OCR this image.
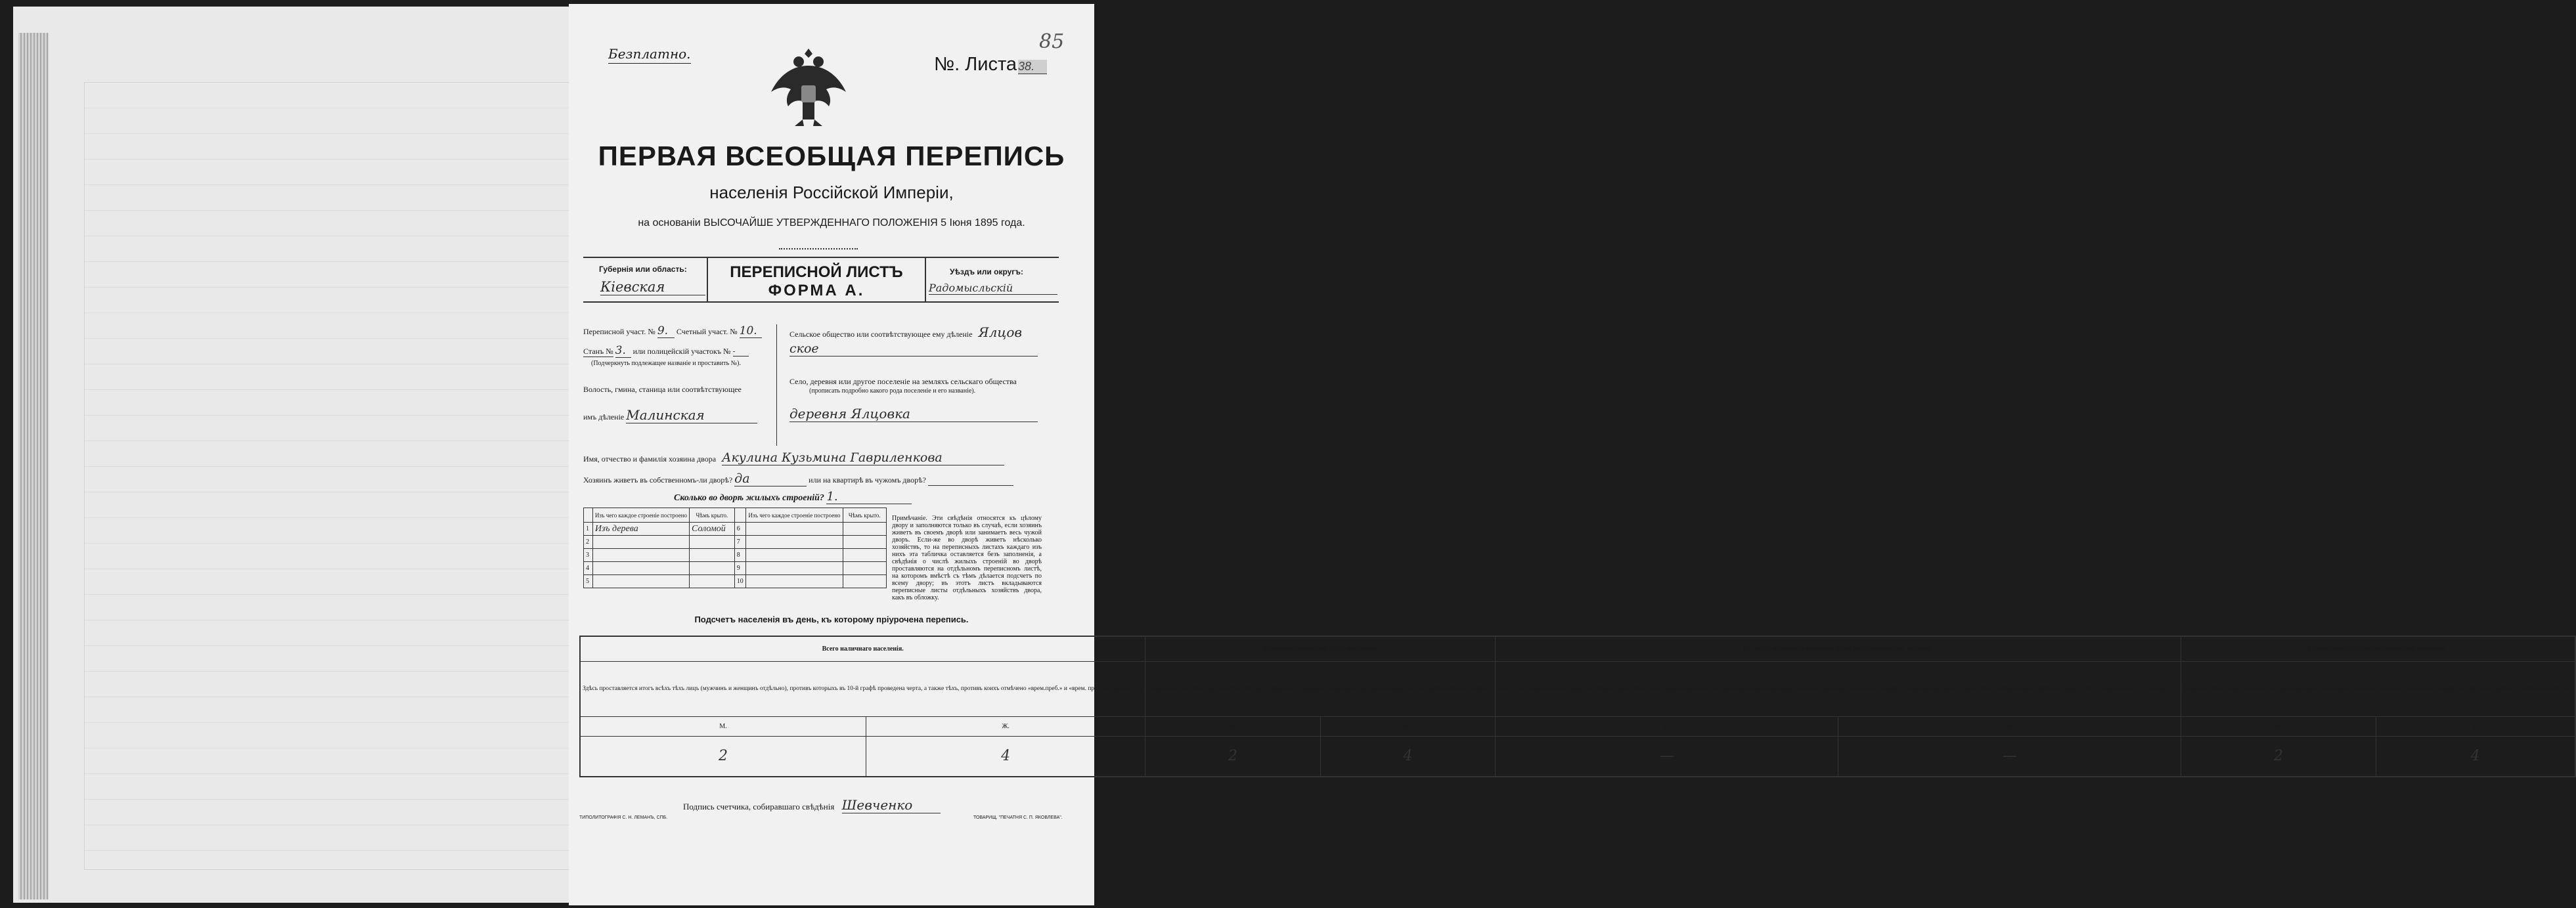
Безплатно.	№. Листа 38.
85
ПЕРВАЯ ВСЕОБЩАЯ ПЕРЕПИСЬ
населенія Россійской Имперіи,
на основаніи ВЫСОЧАЙШЕ УТВЕРЖДЕННАГО ПОЛОЖЕНІЯ 5 Іюня 1895 года.
Губернія или область:
Кіевская
ПЕРЕПИСНОЙ ЛИСТЪ
ФОРМА А.
Уѣздъ или округъ:
Радомысльскій
Переписной участ. № 9. Счетный участ. № 10.
Станъ № 3. или полицейскій участокъ № -
(Подчеркнуть подлежащее названіе и проставить №).
Волость, гмина, станица или соотвѣтствующее
имъ дѣленіе Малинская
Сельское общество или соотвѣтствующее ему дѣленіе Ялцов
ское
Село, деревня или другое поселеніе на земляхъ сельскаго общества
(прописать подробно какого рода поселеніе и его названіе).
деревня Ялцовка
Имя, отчество и фамилія хозяина двора Акулина Кузьмина Гавриленкова
Хозяинъ живетъ въ собственномъ-ли дворѣ? да	или на квартирѣ въ чужомъ дворѣ?
Сколько во дворѣ жилыхъ строеній? 1.
	Изъ чего каждое строеніе построено	Чѣмъ крыто.		Изъ чего каждое строеніе построено	Чѣмъ крыто.
1	Изъ дерева	Соломой	6		
2			7		
3			8		
4			9		
5			10		
Примѣчаніе. Эти свѣдѣнія относятся къ цѣлому двору и заполняются только въ случаѣ, если хозяинъ живетъ въ своемъ дворѣ или занимаетъ весь чужой дворъ. Если-же во дворѣ живетъ нѣсколько хозяйствъ, то на переписныхъ листахъ каждаго изъ нихъ эта табличка оставляется безъ заполненія, а свѣдѣнія о числѣ жилыхъ строеній во дворѣ проставляются на отдѣльномъ переписномъ листѣ, на которомъ вмѣстѣ съ тѣмъ дѣлается подсчетъ по всему двору; въ этотъ листъ вкладываются переписные листы отдѣльныхъ хозяйствъ двора, какъ въ обложку.
Подсчетъ населенія въ день, къ которому пріурочена перепись.
Всего наличнаго населенія.		Постоянно живущаго здѣсь населенія.		Въ числѣ наличнаго населенія было лицъ некрестьян. сословій.		Приписаннаго здѣсь крестьянскаго населенія.	
Здѣсь проставляется итогъ всѣхъ тѣхъ лицъ (мужчинъ и женщинъ отдѣльно), противъ которыхъ въ 10-й графѣ проведена черта, а также тѣхъ, противъ коихъ отмѣчено «врем.преб.» и «врем. преб. со знакомъ V».		Сюда вносится общее число всѣхъ тѣхъ лицъ (мужчинъ и женщинъ отдѣльно), противъ которыхъ въ 9-й графѣ отмѣчено «здѣсь».		Здѣсь проставляется (изъ графы 6-й) общее число всѣхъ лицъ некрестьянскихъ сословій (мужчинъ и женщинъ отдѣльно), противъ которыхъ въ графѣ 10-й проведена черта, а также тѣхъ, противъ коихъ отмѣчено «врем. преб.» и «врем. преб. со знакомъ V».		Сюда вносится общее число всѣхъ лицъ (мужчинъ и женщинъ отдѣльно), противъ которыхъ въ графѣ 8-й отмѣчено «здѣсь» и «здѣсь въ волости».	
М.	Ж.	М.	Ж.	М.	Ж.	М.	Ж.
2	4	2	4	—	—	2	4
Подпись счетчика, собиравшаго свѣдѣнія Шевченко
ТИПОЛИТОГРАФІЯ С. Н. ЛЕМАНЪ, СПБ.	ТОВАРИЩ. "ПЕЧАТНЯ С. П. ЯКОВЛЕВА".
